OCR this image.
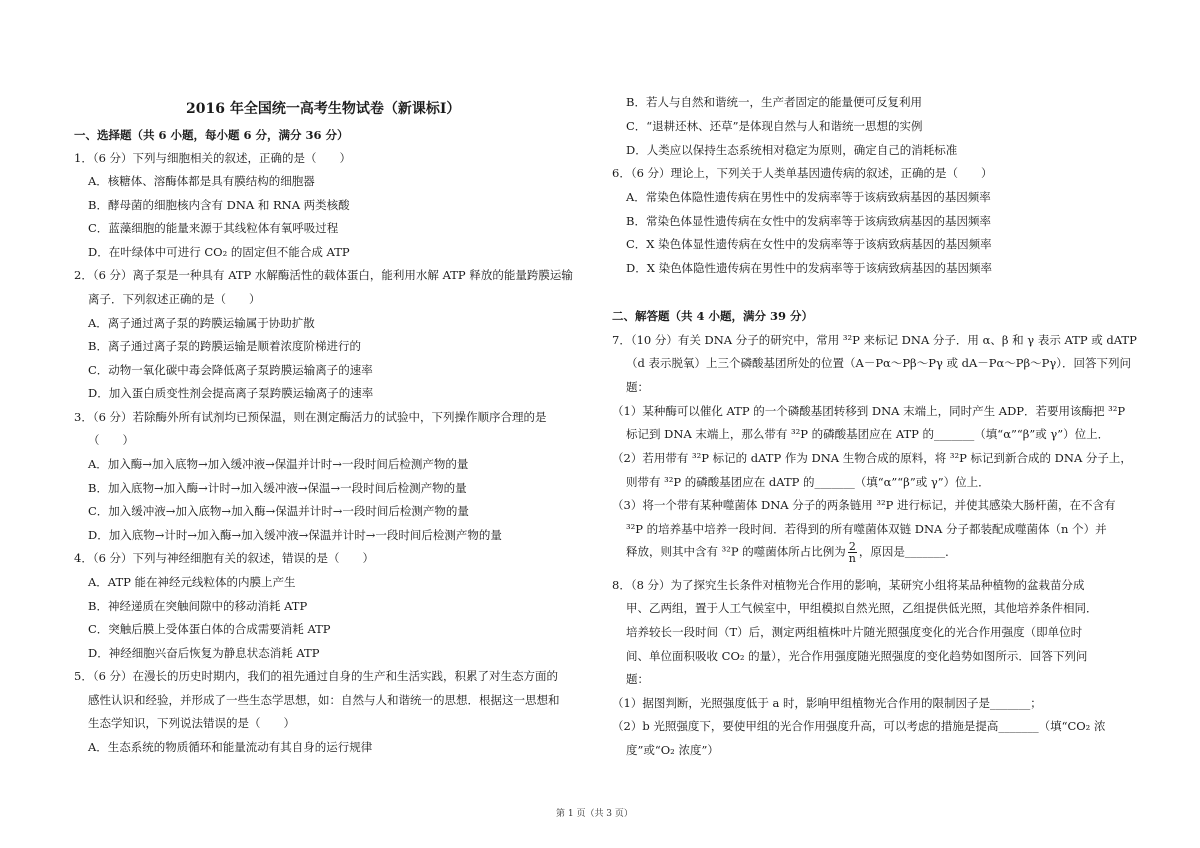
2016 年全国统一高考生物试卷（新课标Ⅰ）
一、选择题（共 6 小题，每小题 6 分，满分 36 分）
1．（6 分）下列与细胞相关的叙述，正确的是（　　）
A．核糖体、溶酶体都是具有膜结构的细胞器
B．酵母菌的细胞核内含有 DNA 和 RNA 两类核酸
C．蓝藻细胞的能量来源于其线粒体有氧呼吸过程
D．在叶绿体中可进行 CO₂ 的固定但不能合成 ATP
2．（6 分）离子泵是一种具有 ATP 水解酶活性的载体蛋白，能利用水解 ATP 释放的能量跨膜运输
离子．下列叙述正确的是（　　）
A．离子通过离子泵的跨膜运输属于协助扩散
B．离子通过离子泵的跨膜运输是顺着浓度阶梯进行的
C．动物一氧化碳中毒会降低离子泵跨膜运输离子的速率
D．加入蛋白质变性剂会提高离子泵跨膜运输离子的速率
3．（6 分）若除酶外所有试剂均已预保温，则在测定酶活力的试验中，下列操作顺序合理的是
（　　）
A．加入酶→加入底物→加入缓冲液→保温并计时→一段时间后检测产物的量
B．加入底物→加入酶→计时→加入缓冲液→保温→一段时间后检测产物的量
C．加入缓冲液→加入底物→加入酶→保温并计时→一段时间后检测产物的量
D．加入底物→计时→加入酶→加入缓冲液→保温并计时→一段时间后检测产物的量
4．（6 分）下列与神经细胞有关的叙述，错误的是（　　）
A．ATP 能在神经元线粒体的内膜上产生
B．神经递质在突触间隙中的移动消耗 ATP
C．突触后膜上受体蛋白体的合成需要消耗 ATP
D．神经细胞兴奋后恢复为静息状态消耗 ATP
5．（6 分）在漫长的历史时期内，我们的祖先通过自身的生产和生活实践，积累了对生态方面的
感性认识和经验，并形成了一些生态学思想，如：自然与人和谐统一的思想．根据这一思想和
生态学知识，下列说法错误的是（　　）
A．生态系统的物质循环和能量流动有其自身的运行规律
B．若人与自然和谐统一，生产者固定的能量便可反复利用
C．“退耕还林、还草”是体现自然与人和谐统一思想的实例
D．人类应以保持生态系统相对稳定为原则，确定自己的消耗标准
6．（6 分）理论上，下列关于人类单基因遗传病的叙述，正确的是（　　）
A．常染色体隐性遗传病在男性中的发病率等于该病致病基因的基因频率
B．常染色体显性遗传病在女性中的发病率等于该病致病基因的基因频率
C．X 染色体显性遗传病在女性中的发病率等于该病致病基因的基因频率
D．X 染色体隐性遗传病在男性中的发病率等于该病致病基因的基因频率
二、解答题（共 4 小题，满分 39 分）
7．（10 分）有关 DNA 分子的研究中，常用 ³²P 来标记 DNA 分子．用 α、β 和 γ 表示 ATP 或 dATP
（d 表示脱氧）上三个磷酸基团所处的位置（A－Pα～Pβ～Pγ 或 dA－Pα～Pβ～Pγ）．回答下列问
题：
（1）某种酶可以催化 ATP 的一个磷酸基团转移到 DNA 末端上，同时产生 ADP．若要用该酶把 ³²P
标记到 DNA 末端上，那么带有 ³²P 的磷酸基团应在 ATP 的_______（填“α”“β”或 γ”）位上．
（2）若用带有 ³²P 标记的 dATP 作为 DNA 生物合成的原料，将 ³²P 标记到新合成的 DNA 分子上，
则带有 ³²P 的磷酸基团应在 dATP 的_______（填“α”“β”或 γ”）位上．
（3）将一个带有某种噬菌体 DNA 分子的两条链用 ³²P 进行标记，并使其感染大肠杆菌，在不含有
³²P 的培养基中培养一段时间．若得到的所有噬菌体双链 DNA 分子都装配成噬菌体（n 个）并
释放，则其中含有 ³²P 的噬菌体所占比例为 $\frac{2}{n}$ ，原因是_______．
8．（8 分）为了探究生长条件对植物光合作用的影响，某研究小组将某品种植物的盆栽苗分成
甲、乙两组，置于人工气候室中，甲组模拟自然光照，乙组提供低光照，其他培养条件相同．
培养较长一段时间（T）后，测定两组植株叶片随光照强度变化的光合作用强度（即单位时
间、单位面积吸收 CO₂ 的量），光合作用强度随光照强度的变化趋势如图所示．回答下列问
题：
（1）据图判断，光照强度低于 a 时，影响甲组植物光合作用的限制因子是_______；
（2）b 光照强度下，要使甲组的光合作用强度升高，可以考虑的措施是提高_______（填“CO₂ 浓
度”或“O₂ 浓度”）
第 1 页（共 3 页）
